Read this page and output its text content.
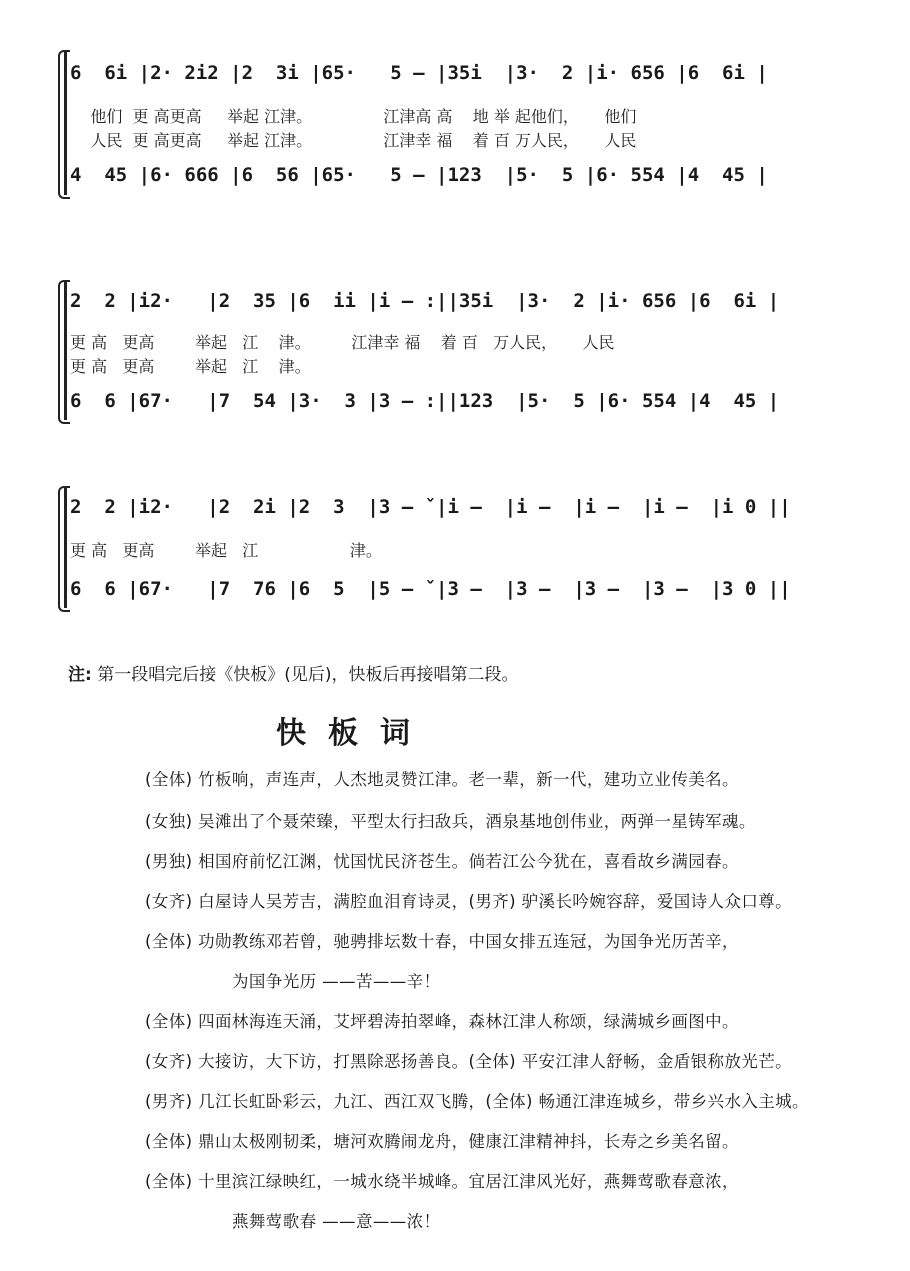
6  6i |2· 2i2 |2  3i |65·   5 — |35i  |3·  2 |i· 656 |6  6i |
他们  更 高更高     举起 江津。              江津高 高    地 举 起他们，     他们
人民  更 高更高     举起 江津。              江津幸 福    着 百 万人民，     人民
4  45 |6· 666 |6  56 |65·   5 — |123  |5·  5 |6· 554 |4  45 |
2  2 |i2·   |2  35 |6  ii |i — :||35i  |3·  2 |i· 656 |6  6i |
更 高   更高        举起   江    津。        江津幸 福    着 百   万人民，     人民
更 高   更高        举起   江    津。
6  6 |67·   |7  54 |3·  3 |3 — :||123  |5·  5 |6· 554 |4  45 |
2  2 |i2·   |2  2i |2  3  |3 — ˇ|i —  |i —  |i —  |i —  |i 0 ||
更 高   更高        举起   江                  津。
6  6 |67·   |7  76 |6  5  |5 — ˇ|3 —  |3 —  |3 —  |3 —  |3 0 ||
注: 第一段唱完后接《快板》(见后)，快板后再接唱第二段。
快板词
(全体) 竹板响，声连声，人杰地灵赞江津。老一辈，新一代，建功立业传美名。
(女独) 吴滩出了个聂荣臻，平型太行扫敌兵，酒泉基地创伟业，两弹一星铸军魂。
(男独) 相国府前忆江渊，忧国忧民济苍生。倘若江公今犹在，喜看故乡满园春。
(女齐) 白屋诗人吴芳吉，满腔血泪育诗灵，(男齐) 驴溪长吟婉容辞，爱国诗人众口尊。
(全体) 功勋教练邓若曾，驰骋排坛数十春，中国女排五连冠，为国争光历苦辛，
为国争光历 ——苦——辛！
(全体) 四面林海连天涌，艾坪碧涛拍翠峰，森林江津人称颂，绿满城乡画图中。
(女齐) 大接访，大下访，打黑除恶扬善良。(全体) 平安江津人舒畅，金盾银称放光芒。
(男齐) 几江长虹卧彩云，九江、西江双飞腾，(全体) 畅通江津连城乡，带乡兴水入主城。
(全体) 鼎山太极刚韧柔，塘河欢腾闹龙舟，健康江津精神抖，长寿之乡美名留。
(全体) 十里滨江绿映红，一城水绕半城峰。宜居江津风光好，燕舞莺歌春意浓，
燕舞莺歌春 ——意——浓！
